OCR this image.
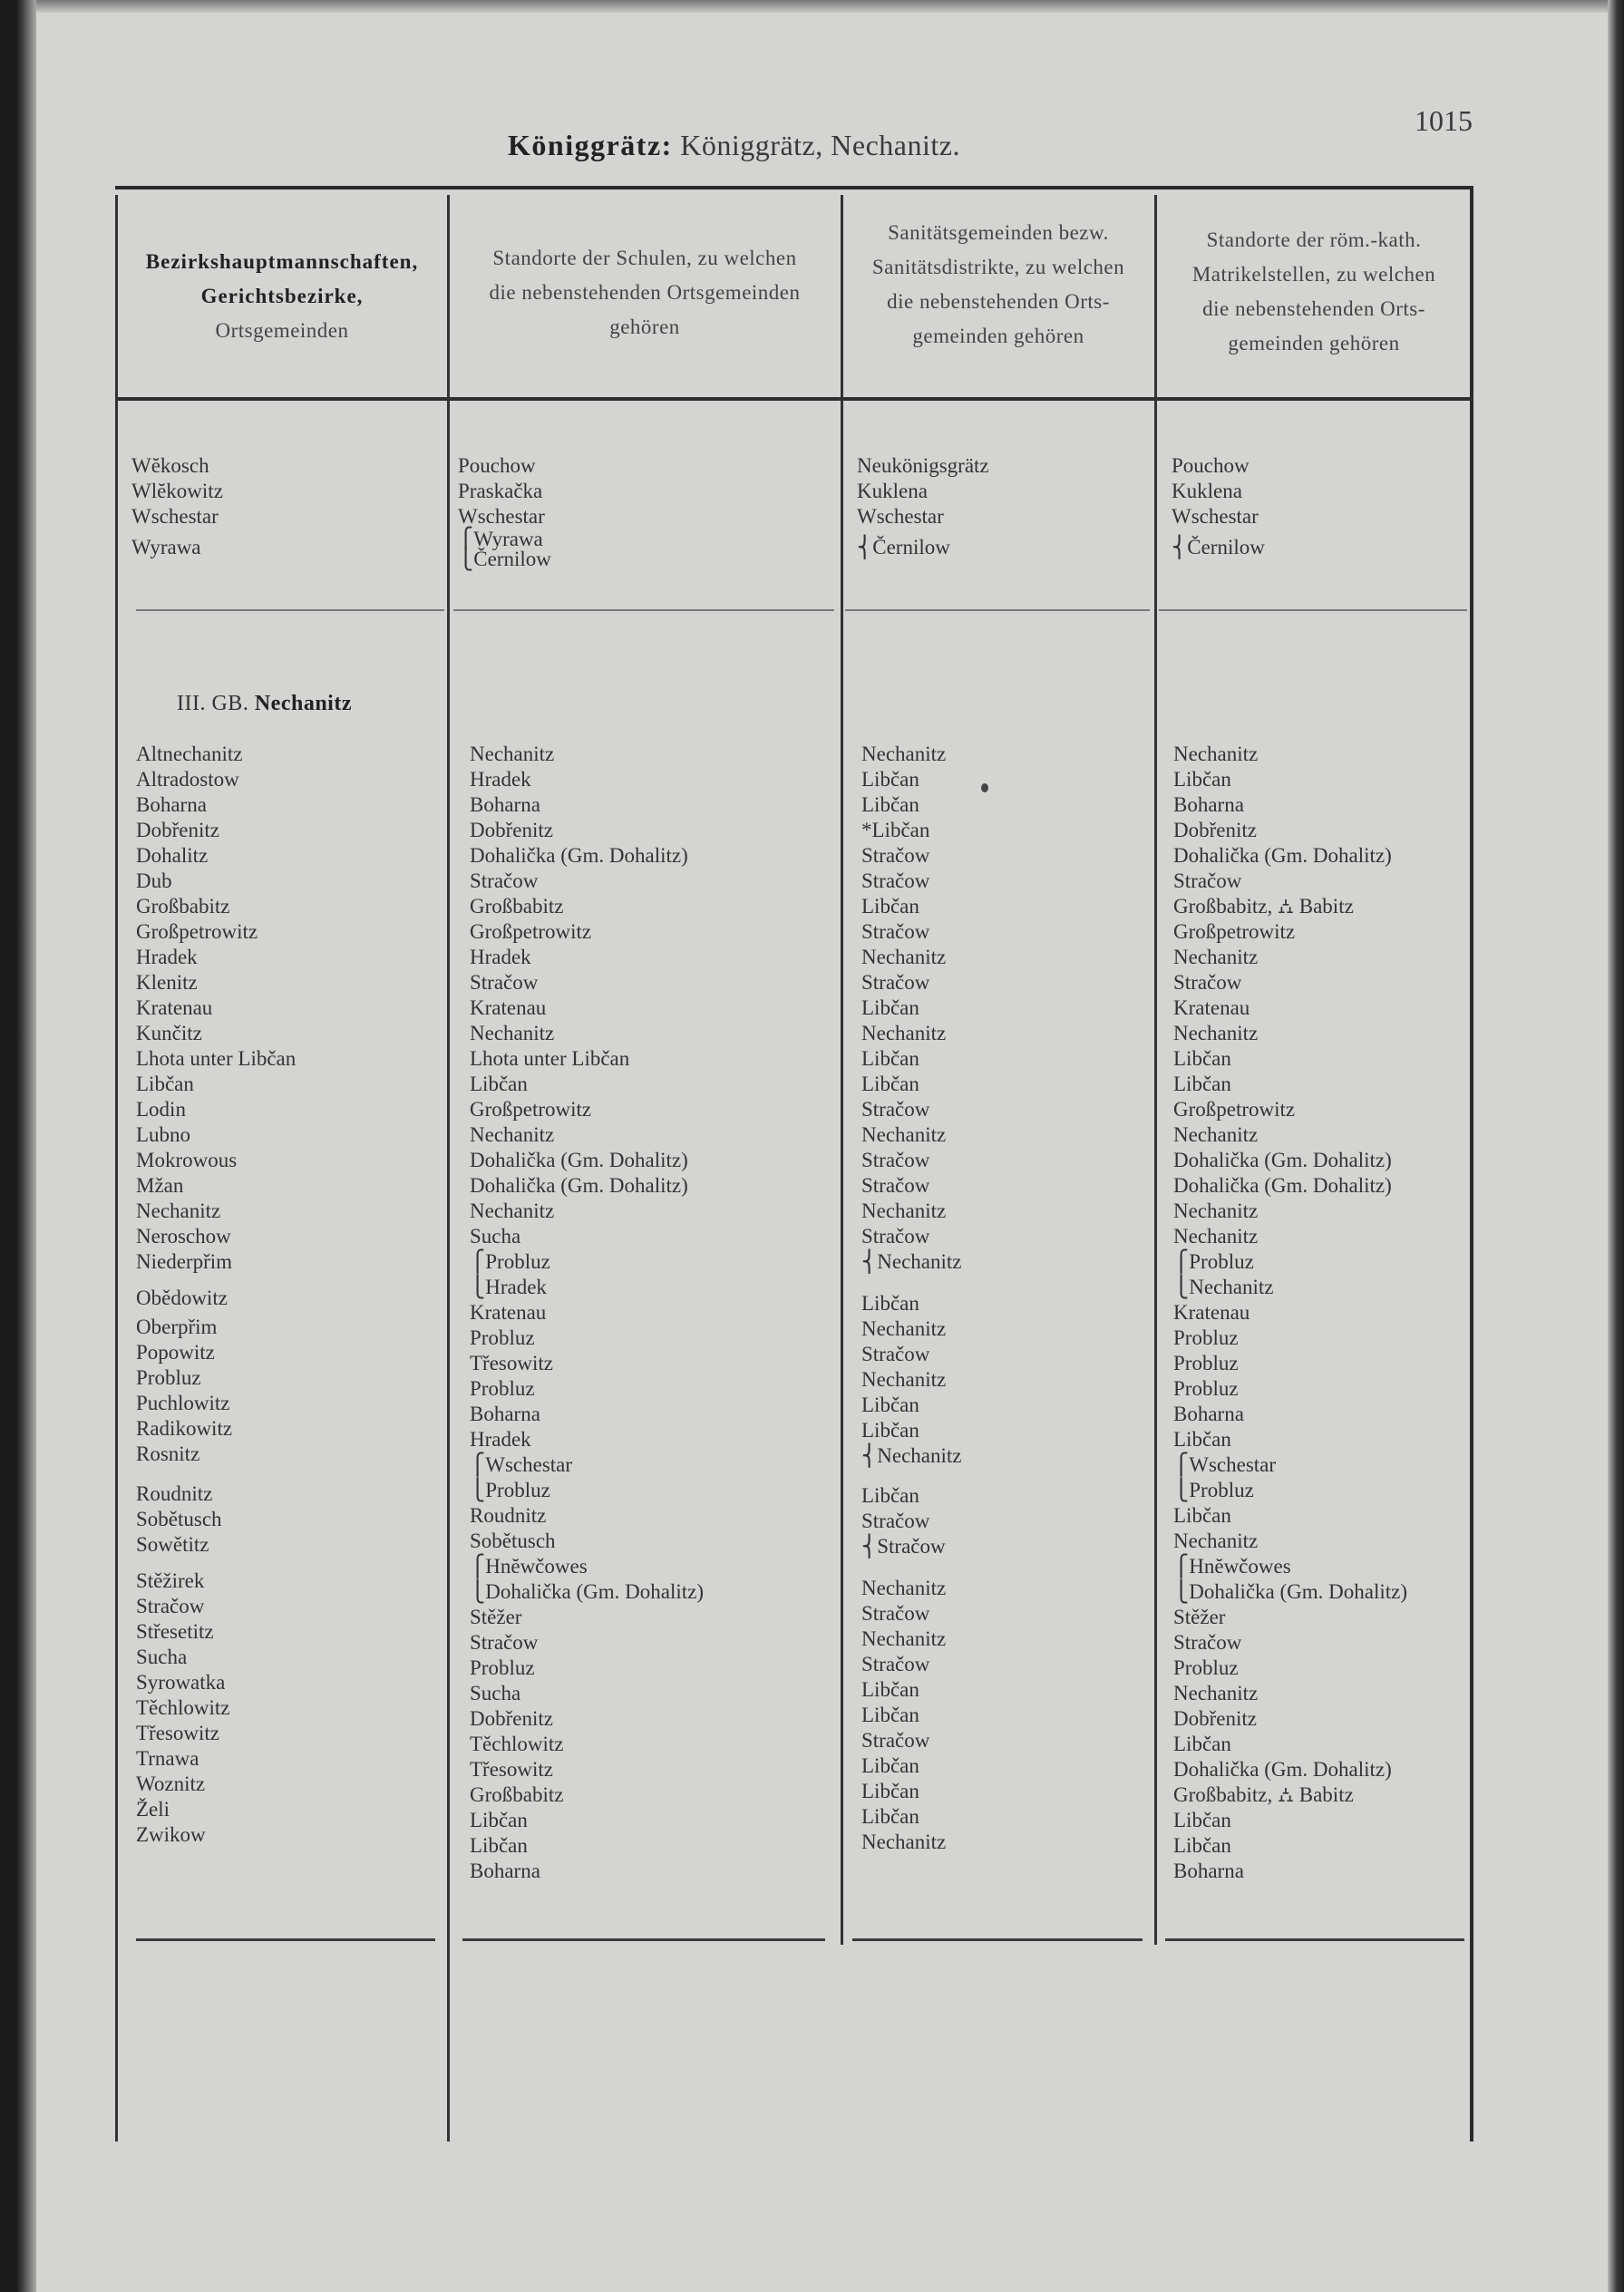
Königgrätz: Königgrätz, Nechanitz.
1015
Bezirkshauptmannschaften,
Gerichtsbezirke,
Ortsgemeinden
Standorte der Schulen, zu welchen
die nebenstehenden Ortsgemeinden
gehören
Sanitätsgemeinden bezw.
Sanitätsdistrikte, zu welchen
die nebenstehenden Orts-
gemeinden gehören
Standorte der röm.-kath.
Matrikelstellen, zu welchen
die nebenstehenden Orts-
gemeinden gehören
Wĕkosch
Wlĕkowitz
Wschestar
Wyrawa
Pouchow
Praskačka
Wschestar
⎧Wyrawa
⎩Černilow
Neukönigsgrätz
Kuklena
Wschestar
⎨Černilow
Pouchow
Kuklena
Wschestar
⎨Černilow
III. GB. Nechanitz
Altnechanitz
Altradostow
Boharna
Dobřenitz
Dohalitz
Dub
Großbabitz
Großpetrowitz
Hradek
Klenitz
Kratenau
Kunčitz
Lhota unter Libčan
Libčan
Lodin
Lubno
Mokrowous
Mžan
Nechanitz
Neroschow
Niederpřim
Obědowitz
Oberpřim
Popowitz
Probluz
Puchlowitz
Radikowitz
Rosnitz
Roudnitz
Sobětusch
Sowětitz
Stěžirek
Stračow
Střesetitz
Sucha
Syrowatka
Těchlowitz
Třesowitz
Trnawa
Woznitz
Želi
Zwikow
Nechanitz
Hradek
Boharna
Dobřenitz
Dohalička (Gm. Dohalitz)
Stračow
Großbabitz
Großpetrowitz
Hradek
Stračow
Kratenau
Nechanitz
Lhota unter Libčan
Libčan
Großpetrowitz
Nechanitz
Dohalička (Gm. Dohalitz)
Dohalička (Gm. Dohalitz)
Nechanitz
Sucha
⎧Probluz
⎩Hradek
Kratenau
Probluz
Třesowitz
Probluz
Boharna
Hradek
⎧Wschestar
⎩Probluz
Roudnitz
Sobětusch
⎧Hnĕwčowes
⎩Dohalička (Gm. Dohalitz)
Stěžer
Stračow
Probluz
Sucha
Dobřenitz
Těchlowitz
Třesowitz
Großbabitz
Libčan
Libčan
Boharna
Nechanitz
Libčan
Libčan
*Libčan
Stračow
Stračow
Libčan
Stračow
Nechanitz
Stračow
Libčan
Nechanitz
Libčan
Libčan
Stračow
Nechanitz
Stračow
Stračow
Nechanitz
Stračow
⎨Nechanitz
Libčan
Nechanitz
Stračow
Nechanitz
Libčan
Libčan
⎨Nechanitz
Libčan
Stračow
⎨Stračow
Nechanitz
Stračow
Nechanitz
Stračow
Libčan
Libčan
Stračow
Libčan
Libčan
Libčan
Nechanitz
Nechanitz
Libčan
Boharna
Dobřenitz
Dohalička (Gm. Dohalitz)
Stračow
Großbabitz, ⛼ Babitz
Großpetrowitz
Nechanitz
Stračow
Kratenau
Nechanitz
Libčan
Libčan
Großpetrowitz
Nechanitz
Dohalička (Gm. Dohalitz)
Dohalička (Gm. Dohalitz)
Nechanitz
Nechanitz
⎧Probluz
⎩Nechanitz
Kratenau
Probluz
Probluz
Probluz
Boharna
Libčan
⎧Wschestar
⎩Probluz
Libčan
Nechanitz
⎧Hnĕwčowes
⎩Dohalička (Gm. Dohalitz)
Stěžer
Stračow
Probluz
Nechanitz
Dobřenitz
Libčan
Dohalička (Gm. Dohalitz)
Großbabitz, ⛼ Babitz
Libčan
Libčan
Boharna
